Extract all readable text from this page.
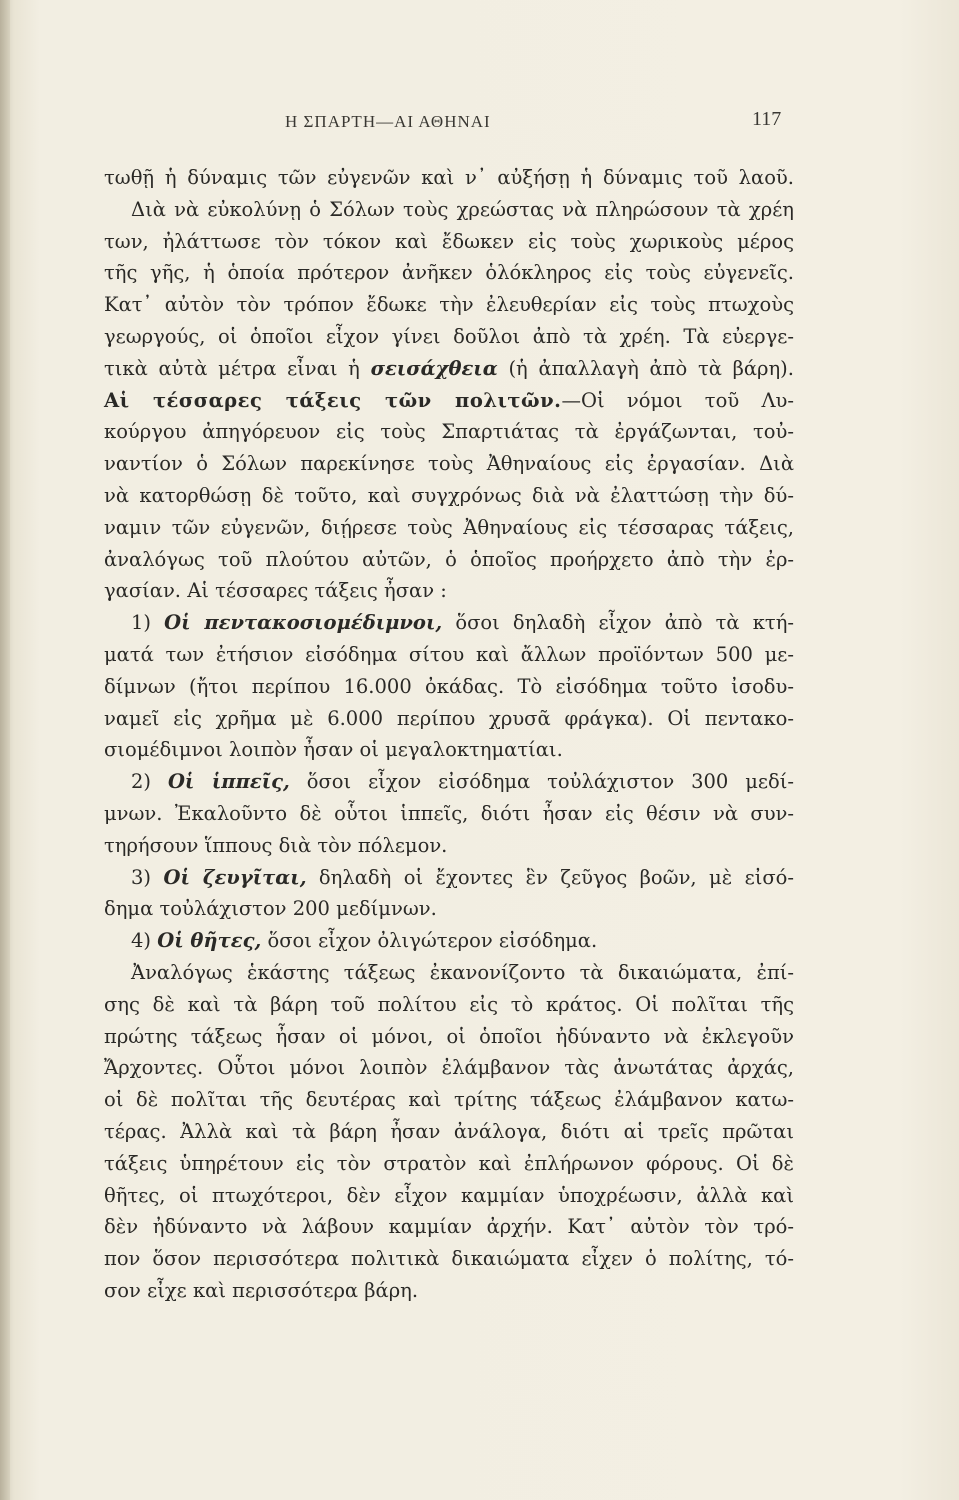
Η ΣΠΑΡΤΗ—ΑΙ ΑΘΗΝΑΙ	117
τωθῇ ἡ δύναμις τῶν εὐγενῶν καὶ ν᾽ αὐξήσῃ ἡ δύναμις τοῦ λαοῦ.
Διὰ νὰ εὐκολύνῃ ὁ Σόλων τοὺς χρεώστας νὰ πληρώσουν τὰ χρέη
των, ἠλάττωσε τὸν τόκον καὶ ἔδωκεν εἰς τοὺς χωρικοὺς μέρος
τῆς γῆς, ἡ ὁποία πρότερον ἀνῆκεν ὁλόκληρος εἰς τοὺς εὐγενεῖς.
Κατ᾽ αὐτὸν τὸν τρόπον ἔδωκε τὴν ἐλευθερίαν εἰς τοὺς πτωχοὺς
γεωργούς, οἱ ὁποῖοι εἶχον γίνει δοῦλοι ἀπὸ τὰ χρέη. Τὰ εὐεργε-
τικὰ αὐτὰ μέτρα εἶναι ἡ σεισάχθεια (ἡ ἀπαλλαγὴ ἀπὸ τὰ βάρη).
Αἱ τέσσαρες τάξεις τῶν πολιτῶν.—Οἱ νόμοι τοῦ Λυ-
κούργου ἀπηγόρευον εἰς τοὺς Σπαρτιάτας τὰ ἐργάζωνται, τοὐ-
ναντίον ὁ Σόλων παρεκίνησε τοὺς Ἀθηναίους εἰς ἐργασίαν. Διὰ
νὰ κατορθώσῃ δὲ τοῦτο, καὶ συγχρόνως διὰ νὰ ἐλαττώσῃ τὴν δύ-
ναμιν τῶν εὐγενῶν, διῄρεσε τοὺς Ἀθηναίους εἰς τέσσαρας τάξεις,
ἀναλόγως τοῦ πλούτου αὐτῶν, ὁ ὁποῖος προήρχετο ἀπὸ τὴν ἐρ-
γασίαν. Αἱ τέσσαρες τάξεις ἦσαν :
1) Οἱ πεντακοσιομέδιμνοι, ὅσοι δηλαδὴ εἶχον ἀπὸ τὰ κτή-
ματά των ἐτήσιον εἰσόδημα σίτου καὶ ἄλλων προϊόντων 500 με-
δίμνων (ἤτοι περίπου 16.000 ὀκάδας. Τὸ εἰσόδημα τοῦτο ἰσοδυ-
ναμεῖ εἰς χρῆμα μὲ 6.000 περίπου χρυσᾶ φράγκα). Οἱ πεντακο-
σιομέδιμνοι λοιπὸν ἦσαν οἱ μεγαλοκτηματίαι.
2) Οἱ ἱππεῖς, ὅσοι εἶχον εἰσόδημα τοὐλάχιστον 300 μεδί-
μνων. Ἐκαλοῦντο δὲ οὗτοι ἱππεῖς, διότι ἦσαν εἰς θέσιν νὰ συν-
τηρήσουν ἵππους διὰ τὸν πόλεμον.
3) Οἱ ζευγῖται, δηλαδὴ οἱ ἔχοντες ἓν ζεῦγος βοῶν, μὲ εἰσό-
δημα τοὐλάχιστον 200 μεδίμνων.
4) Οἱ θῆτες, ὅσοι εἶχον ὀλιγώτερον εἰσόδημα.
Ἀναλόγως ἑκάστης τάξεως ἐκανονίζοντο τὰ δικαιώματα, ἐπί-
σης δὲ καὶ τὰ βάρη τοῦ πολίτου εἰς τὸ κράτος. Οἱ πολῖται τῆς
πρώτης τάξεως ἦσαν οἱ μόνοι, οἱ ὁποῖοι ἠδύναντο νὰ ἐκλεγοῦν
Ἄρχοντες. Οὗτοι μόνοι λοιπὸν ἐλάμβανον τὰς ἀνωτάτας ἀρχάς,
οἱ δὲ πολῖται τῆς δευτέρας καὶ τρίτης τάξεως ἐλάμβανον κατω-
τέρας. Ἀλλὰ καὶ τὰ βάρη ἦσαν ἀνάλογα, διότι αἱ τρεῖς πρῶται
τάξεις ὑπηρέτουν εἰς τὸν στρατὸν καὶ ἐπλήρωνον φόρους. Οἱ δὲ
θῆτες, οἱ πτωχότεροι, δὲν εἶχον καμμίαν ὑποχρέωσιν, ἀλλὰ καὶ
δὲν ἠδύναντο νὰ λάβουν καμμίαν ἀρχήν. Κατ᾽ αὐτὸν τὸν τρό-
πον ὅσον περισσότερα πολιτικὰ δικαιώματα εἶχεν ὁ πολίτης, τό-
σον εἶχε καὶ περισσότερα βάρη.
